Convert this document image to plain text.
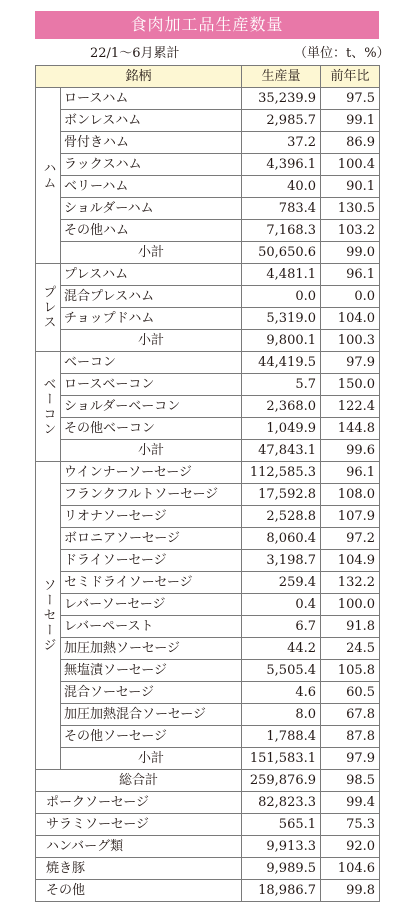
食肉加工品生産数量
22/1〜6月累計	（単位：t、%）
銘柄		生産量	前年比
ハム	ロースハム	35,239.9	97.5
	ボンレスハム	2,985.7	99.1
	骨付きハム	37.2	86.9
	ラックスハム	4,396.1	100.4
	ベリーハム	40.0	90.1
	ショルダーハム	783.4	130.5
	その他ハム	7,168.3	103.2
	小計	50,650.6	99.0
プレス	プレスハム	4,481.1	96.1
	混合プレスハム	0.0	0.0
	チョップドハム	5,319.0	104.0
	小計	9,800.1	100.3
ベーコン	ベーコン	44,419.5	97.9
	ロースベーコン	5.7	150.0
	ショルダーベーコン	2,368.0	122.4
	その他ベーコン	1,049.9	144.8
	小計	47,843.1	99.6
ソーセージ	ウインナーソーセージ	112,585.3	96.1
	フランクフルトソーセージ	17,592.8	108.0
	リオナソーセージ	2,528.8	107.9
	ボロニアソーセージ	8,060.4	97.2
	ドライソーセージ	3,198.7	104.9
	セミドライソーセージ	259.4	132.2
	レバーソーセージ	0.4	100.0
	レバーペースト	6.7	91.8
	加圧加熱ソーセージ	44.2	24.5
	無塩漬ソーセージ	5,505.4	105.8
	混合ソーセージ	4.6	60.5
	加圧加熱混合ソーセージ	8.0	67.8
	その他ソーセージ	1,788.4	87.8
	小計	151,583.1	97.9
総合計		259,876.9	98.5
ポークソーセージ		82,823.3	99.4
サラミソーセージ		565.1	75.3
ハンバーグ類		9,913.3	92.0
焼き豚		9,989.5	104.6
その他		18,986.7	99.8
